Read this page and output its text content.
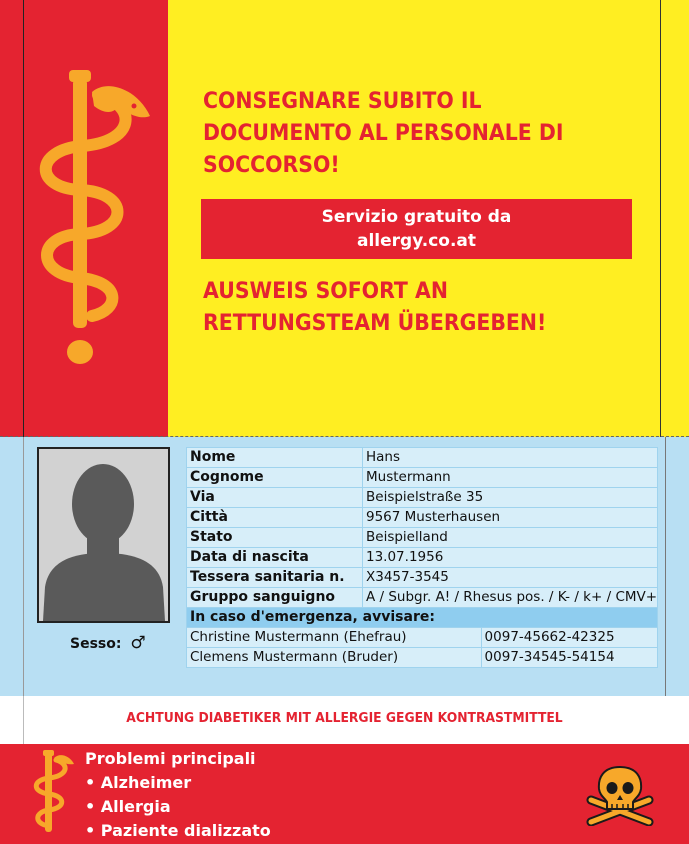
CONSEGNARE SUBITO IL
DOCUMENTO AL PERSONALE DI
SOCCORSO!
Servizio gratuito da
allergy.co.at
AUSWEIS SOFORT AN
RETTUNGSTEAM ÜBERGEBEN!
Sesso: ♂
Nome	Hans	
Cognome	Mustermann	
Via	Beispielstraße 35	
Città	9567 Musterhausen	
Stato	Beispielland	
Data di nascita	13.07.1956	
Tessera sanitaria n.	X3457-3545	
Gruppo sanguigno	A / Subgr. A! / Rhesus pos. / K- / k+ / CMV+	
In caso d'emergenza, avvisare:		
Christine Mustermann (Ehefrau)		0097-45662-42325
Clemens Mustermann (Bruder)		0097-34545-54154
ACHTUNG DIABETIKER MIT ALLERGIE GEGEN KONTRASTMITTEL
Problemi principali
• Alzheimer
• Allergia
• Paziente dializzato
